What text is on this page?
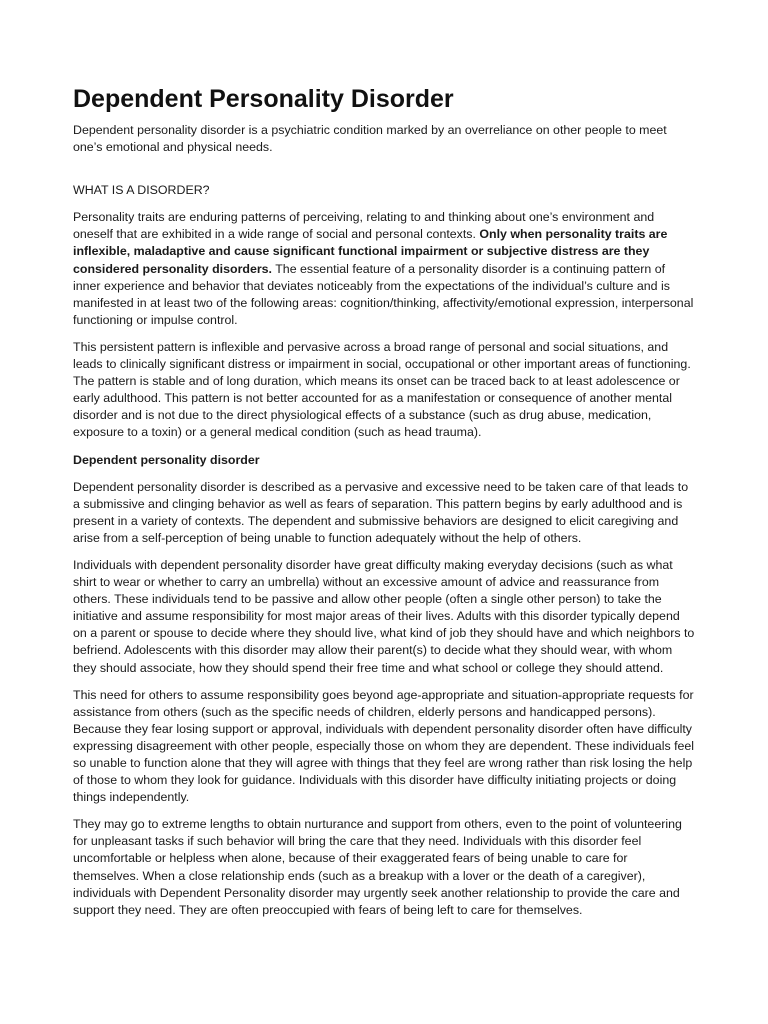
Dependent Personality Disorder

Dependent personality disorder is a psychiatric condition marked by an overreliance on other people to meet one’s emotional and physical needs.

WHAT IS A DISORDER?

Personality traits are enduring patterns of perceiving, relating to and thinking about one’s environment and oneself that are exhibited in a wide range of social and personal contexts. Only when personality traits are inflexible, maladaptive and cause significant functional impairment or subjective distress are they considered personality disorders. The essential feature of a personality disorder is a continuing pattern of inner experience and behavior that deviates noticeably from the expectations of the individual’s culture and is manifested in at least two of the following areas: cognition/thinking, affectivity/emotional expression, interpersonal functioning or impulse control.

This persistent pattern is inflexible and pervasive across a broad range of personal and social situations, and leads to clinically significant distress or impairment in social, occupational or other important areas of functioning. The pattern is stable and of long duration, which means its onset can be traced back to at least adolescence or early adulthood. This pattern is not better accounted for as a manifestation or consequence of another mental disorder and is not due to the direct physiological effects of a substance (such as drug abuse, medication, exposure to a toxin) or a general medical condition (such as head trauma).

Dependent personality disorder

Dependent personality disorder is described as a pervasive and excessive need to be taken care of that leads to a submissive and clinging behavior as well as fears of separation. This pattern begins by early adulthood and is present in a variety of contexts. The dependent and submissive behaviors are designed to elicit caregiving and arise from a self-perception of being unable to function adequately without the help of others.

Individuals with dependent personality disorder have great difficulty making everyday decisions (such as what shirt to wear or whether to carry an umbrella) without an excessive amount of advice and reassurance from others. These individuals tend to be passive and allow other people (often a single other person) to take the initiative and assume responsibility for most major areas of their lives. Adults with this disorder typically depend on a parent or spouse to decide where they should live, what kind of job they should have and which neighbors to befriend. Adolescents with this disorder may allow their parent(s) to decide what they should wear, with whom they should associate, how they should spend their free time and what school or college they should attend.

This need for others to assume responsibility goes beyond age-appropriate and situation-appropriate requests for assistance from others (such as the specific needs of children, elderly persons and handicapped persons). Because they fear losing support or approval, individuals with dependent personality disorder often have difficulty expressing disagreement with other people, especially those on whom they are dependent. These individuals feel so unable to function alone that they will agree with things that they feel are wrong rather than risk losing the help of those to whom they look for guidance. Individuals with this disorder have difficulty initiating projects or doing things independently.

They may go to extreme lengths to obtain nurturance and support from others, even to the point of volunteering for unpleasant tasks if such behavior will bring the care that they need. Individuals with this disorder feel uncomfortable or helpless when alone, because of their exaggerated fears of being unable to care for themselves. When a close relationship ends (such as a breakup with a lover or the death of a caregiver), individuals with Dependent Personality disorder may urgently seek another relationship to provide the care and support they need. They are often preoccupied with fears of being left to care for themselves.
